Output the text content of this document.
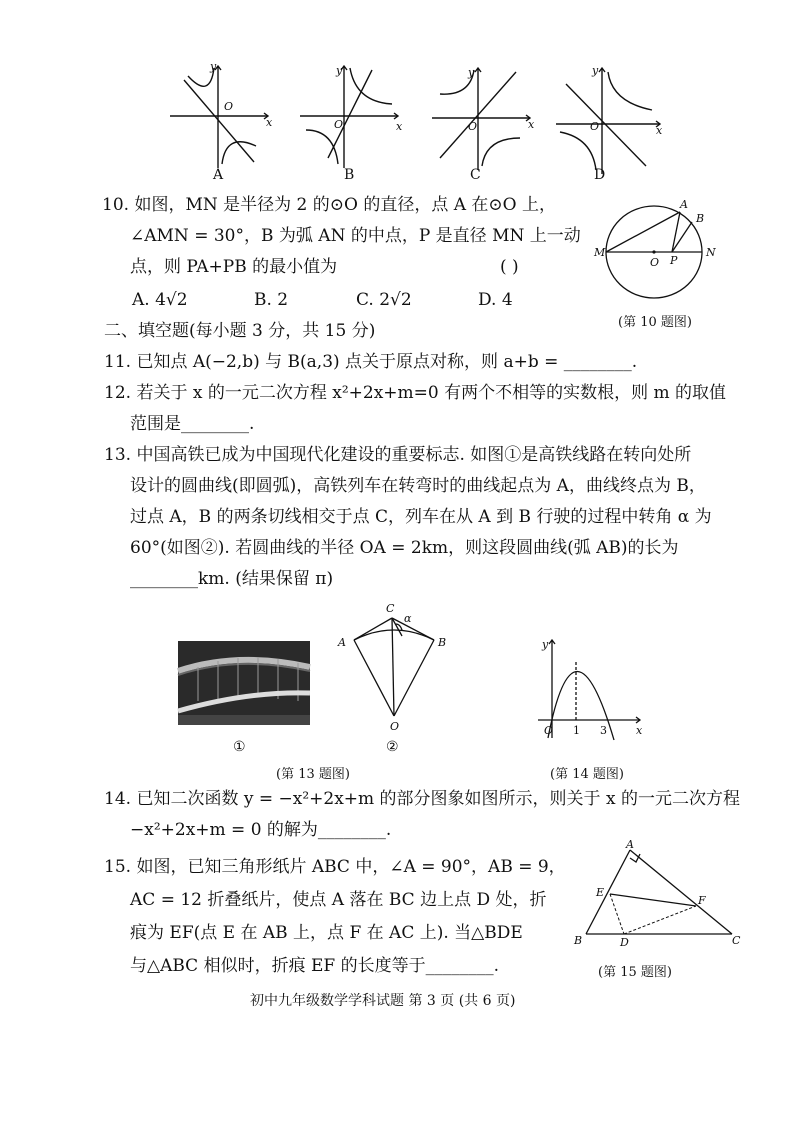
y
O
x
y
O	x
y
O	x
y
O	x
A	B	C	D
10. 如图，MN 是半径为 2 的⊙O 的直径，点 A 在⊙O 上，
∠AMN = 30°，B 为弧 AN 的中点，P 是直径 MN 上一动
点，则 PA+PB 的最小值为	( )
A. 4√2	B. 2	C. 2√2	D. 4
M
O P
N
A
B
(第 10 题图)
二、填空题(每小题 3 分，共 15 分)
11. 已知点 A(−2,b) 与 B(a,3) 点关于原点对称，则 a+b = ________.
12. 若关于 x 的一元二次方程 x²+2x+m=0 有两个不相等的实数根，则 m 的取值
范围是________.
13. 中国高铁已成为中国现代化建设的重要标志. 如图①是高铁线路在转向处所
设计的圆曲线(即圆弧)，高铁列车在转弯时的曲线起点为 A，曲线终点为 B，
过点 A，B 的两条切线相交于点 C，列车在从 A 到 B 行驶的过程中转角 α 为
60°(如图②). 若圆曲线的半径 OA = 2km，则这段圆曲线(弧 AB)的长为
________km. (结果保留 π)
①
A	B
C
O
α
②
(第 13 题图)
y
x
O 1 3
(第 14 题图)
14. 已知二次函数 y = −x²+2x+m 的部分图象如图所示，则关于 x 的一元二次方程
−x²+2x+m = 0 的解为________.
15. 如图，已知三角形纸片 ABC 中，∠A = 90°，AB = 9，
AC = 12 折叠纸片，使点 A 落在 BC 边上点 D 处，折
痕为 EF(点 E 在 AB 上，点 F 在 AC 上). 当△BDE
与△ABC 相似时，折痕 EF 的长度等于________.
A
B	C
D
E
F
(第 15 题图)
初中九年级数学学科试题 第 3 页 (共 6 页)
